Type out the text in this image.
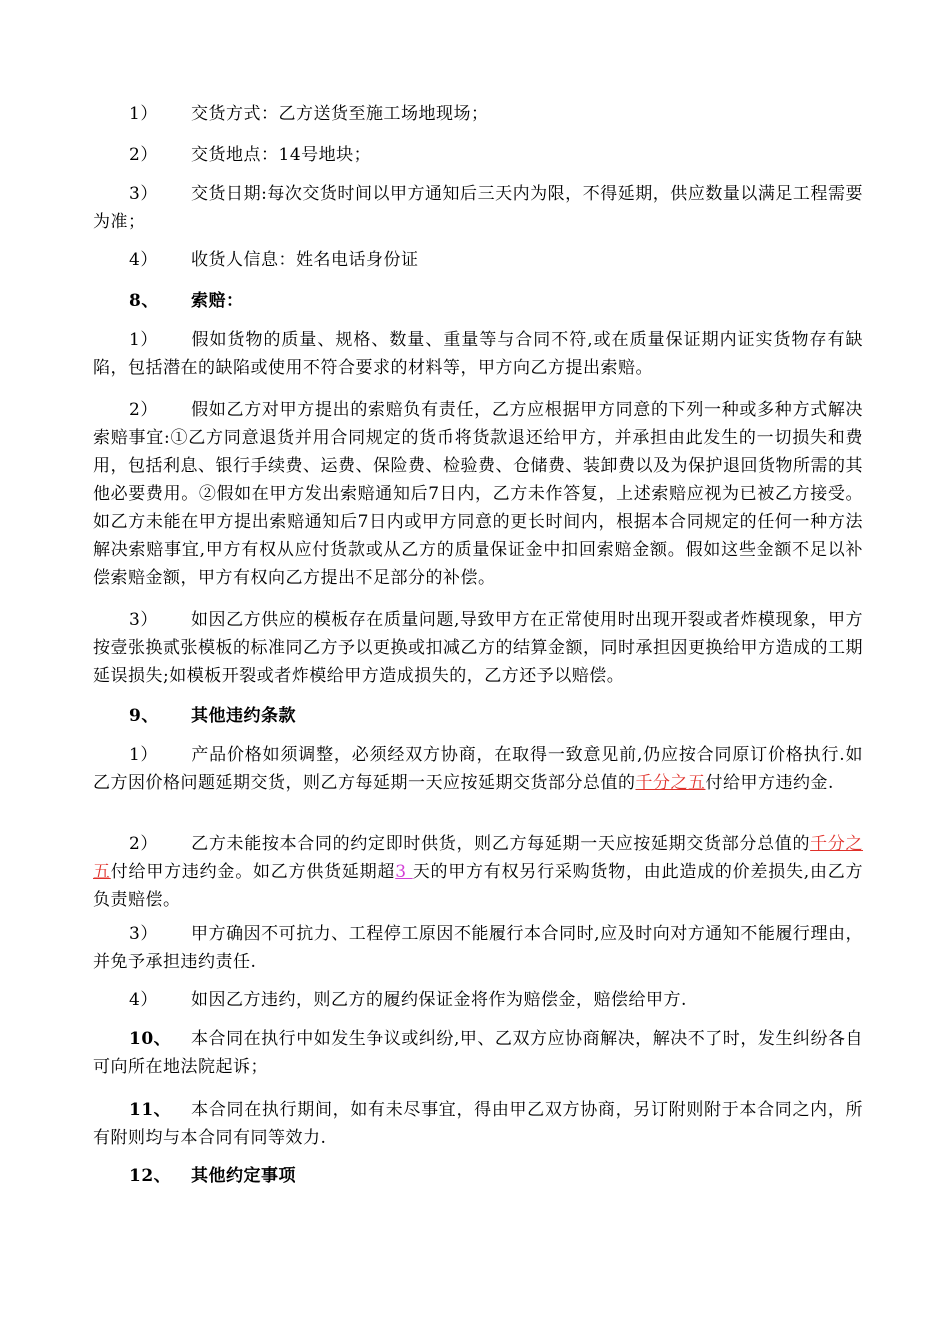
1） 交货方式：乙方送货至施工场地现场；

2） 交货地点：14号地块；

3） 交货日期:每次交货时间以甲方通知后三天内为限，不得延期，供应数量以满足工程需要为准；

4） 收货人信息：姓名电话身份证

8、 索赔：

1） 假如货物的质量、规格、数量、重量等与合同不符,或在质量保证期内证实货物存有缺陷，包括潜在的缺陷或使用不符合要求的材料等，甲方向乙方提出索赔。

2） 假如乙方对甲方提出的索赔负有责任，乙方应根据甲方同意的下列一种或多种方式解决索赔事宜:①乙方同意退货并用合同规定的货币将货款退还给甲方，并承担由此发生的一切损失和费用，包括利息、银行手续费、运费、保险费、检验费、仓储费、装卸费以及为保护退回货物所需的其他必要费用。②假如在甲方发出索赔通知后7日内，乙方未作答复，上述索赔应视为已被乙方接受。如乙方未能在甲方提出索赔通知后7日内或甲方同意的更长时间内，根据本合同规定的任何一种方法解决索赔事宜,甲方有权从应付货款或从乙方的质量保证金中扣回索赔金额。假如这些金额不足以补偿索赔金额，甲方有权向乙方提出不足部分的补偿。

3） 如因乙方供应的模板存在质量问题,导致甲方在正常使用时出现开裂或者炸模现象，甲方按壹张换贰张模板的标准同乙方予以更换或扣减乙方的结算金额，同时承担因更换给甲方造成的工期延误损失;如模板开裂或者炸模给甲方造成损失的，乙方还予以赔偿。

9、 其他违约条款

1） 产品价格如须调整，必须经双方协商，在取得一致意见前,仍应按合同原订价格执行.如乙方因价格问题延期交货，则乙方每延期一天应按延期交货部分总值的千分之五付给甲方违约金.

2） 乙方未能按本合同的约定即时供货，则乙方每延期一天应按延期交货部分总值的千分之五付给甲方违约金。如乙方供货延期超3 天的甲方有权另行采购货物，由此造成的价差损失,由乙方负责赔偿。

3） 甲方确因不可抗力、工程停工原因不能履行本合同时,应及时向对方通知不能履行理由，并免予承担违约责任.

4） 如因乙方违约，则乙方的履约保证金将作为赔偿金，赔偿给甲方.

10、 本合同在执行中如发生争议或纠纷,甲、乙双方应协商解决，解决不了时，发生纠纷各自可向所在地法院起诉；

11、 本合同在执行期间，如有未尽事宜，得由甲乙双方协商，另订附则附于本合同之内，所有附则均与本合同有同等效力.

12、 其他约定事项
